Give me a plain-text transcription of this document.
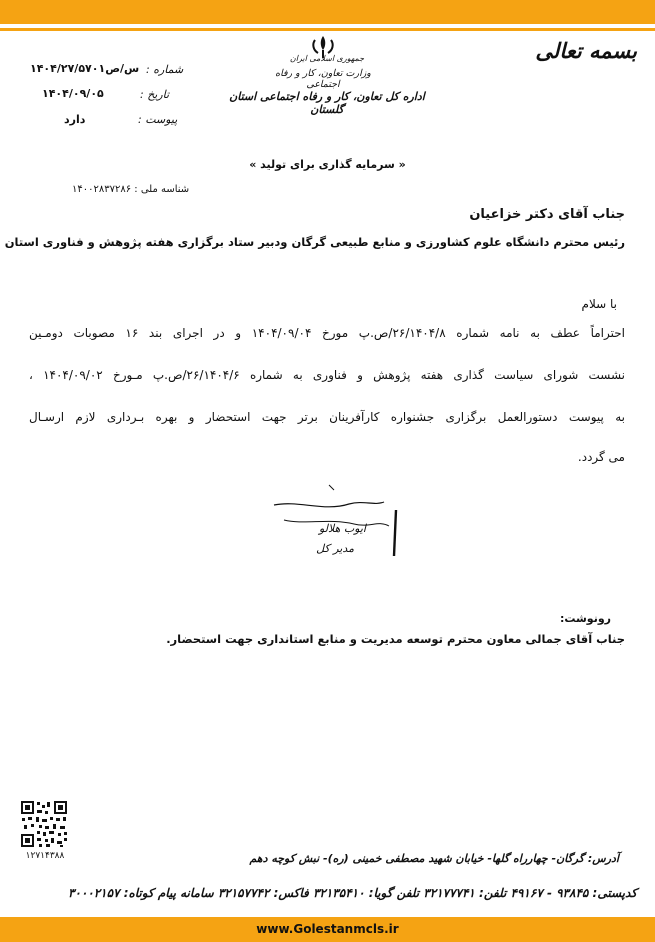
بسمه تعالی
جمهوری اسلامی ایران
وزارت تعاون، کار و رفاه اجتماعی
اداره کل تعاون، کار و رفاه اجتماعی استان گلستان
شماره :
تاریخ :
پیوست :
۱۴۰۴/۲۷/۵۷۰۱س/ص
۱۴۰۴/۰۹/۰۵
دارد
« سرمایه گذاری برای تولید »
شناسه ملی : ۱۴۰۰۲۸۳۷۲۸۶
جناب آقای دکتر خزاعیان
رئیس محترم دانشگاه علوم کشاورزی و منابع طبیعی گرگان ودبیر ستاد برگزاری هفته پژوهش و فناوری استان
با سلام
احتراماً عطف به نامه شماره ۲۶/۱۴۰۴/۸/ص.پ مورخ ۱۴۰۴/۰۹/۰۴ و در اجرای بند ۱۶ مصوبات دومـین
نشست شورای سیاست گذاری هفته پژوهش و فناوری به شماره ۲۶/۱۴۰۴/۶/ص.پ مـورخ ۱۴۰۴/۰۹/۰۲ ،
به پیوست دستورالعمل برگزاری جشنواره کارآفرینان برتر جهت استحضار و بهره بـرداری لازم ارسـال
می گردد.
ایوب هلالو
مدیر کل
رونوشت:
جناب آقای جمالی معاون محترم توسعه مدیریت و منابع استانداری جهت استحضار.
۱۲۷۱۴۳۸۸	آدرس: گرگان- چهارراه گلها- خیابان شهید مصطفی خمینی (ره)- نبش کوچه دهم
کدپستی: ۹۳۸۴۵ - ۴۹۱۶۷ تلفن: ۳۲۱۷۷۷۴۱ تلفن گویا: ۳۲۱۳۵۴۱۰ فاکس: ۳۲۱۵۷۷۴۲ سامانه پیام کوتاه: ۳۰۰۰۲۱۵۷
www.Golestanmcls.ir
